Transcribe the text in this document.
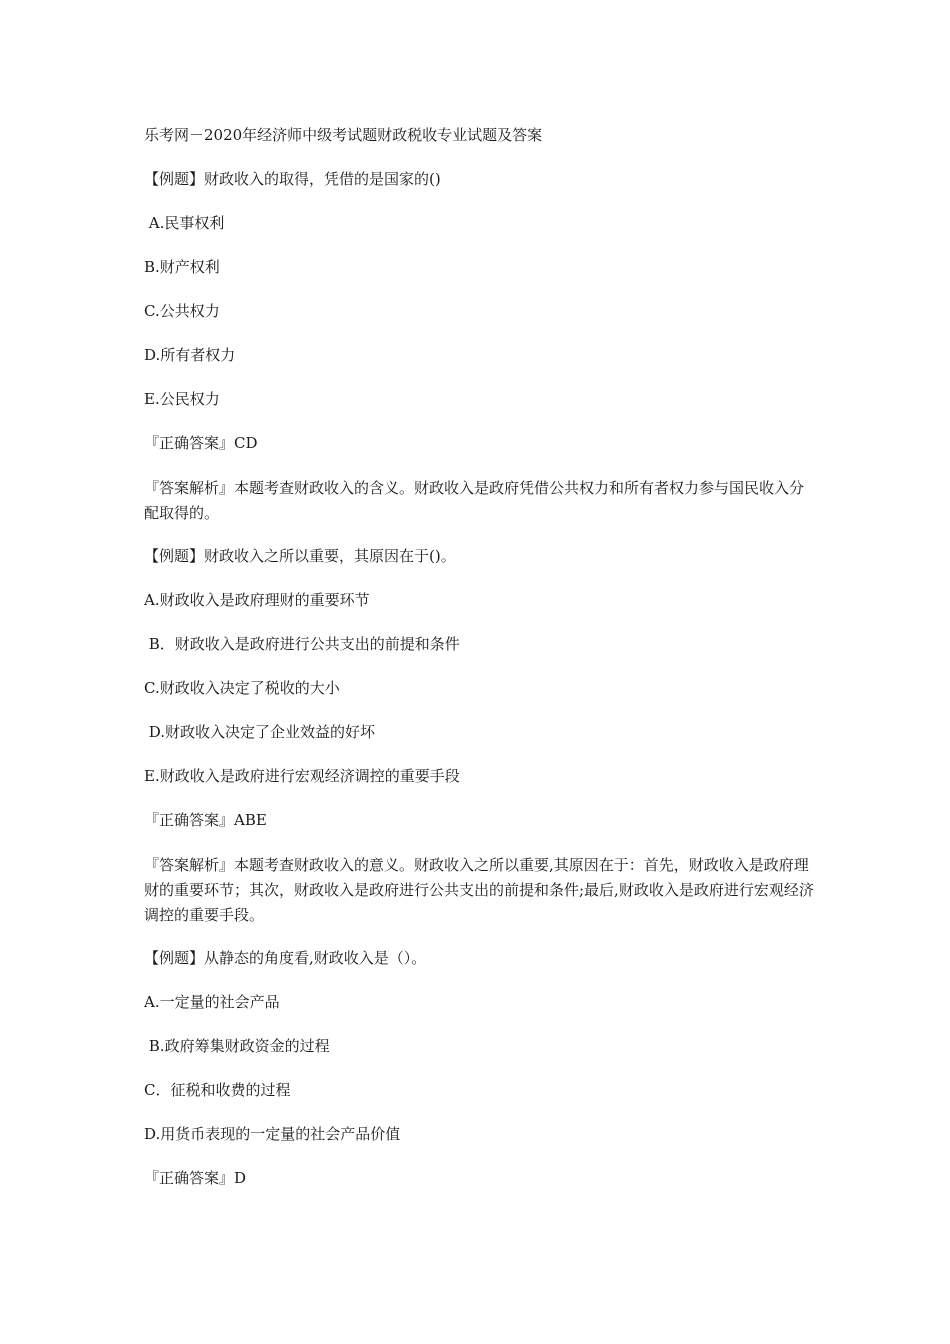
乐考网－2020年经济师中级考试题财政税收专业试题及答案
【例题】财政收入的取得，凭借的是国家的()
A.民事权利
B.财产权利
C.公共权力
D.所有者权力
E.公民权力
『正确答案』CD
『答案解析』本题考查财政收入的含义。财政收入是政府凭借公共权力和所有者权力参与国民收入分配取得的。
【例题】财政收入之所以重要，其原因在于()。
A.财政收入是政府理财的重要环节
B．财政收入是政府进行公共支出的前提和条件
C.财政收入决定了税收的大小
D.财政收入决定了企业效益的好坏
E.财政收入是政府进行宏观经济调控的重要手段
『正确答案』ABE
『答案解析』本题考查财政收入的意义。财政收入之所以重要,其原因在于：首先，财政收入是政府理财的重要环节；其次，财政收入是政府进行公共支出的前提和条件;最后,财政收入是政府进行宏观经济调控的重要手段。
【例题】从静态的角度看,财政收入是（）。
A.一定量的社会产品
B.政府筹集财政资金的过程
C．征税和收费的过程
D.用货币表现的一定量的社会产品价值
『正确答案』D
